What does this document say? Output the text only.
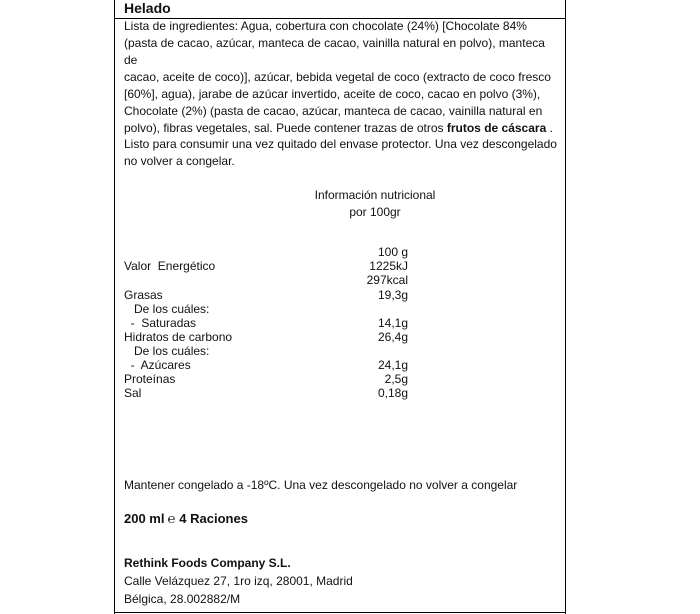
Helado
Lista de ingredientes: Agua, cobertura con chocolate (24%) [Chocolate 84%
(pasta de cacao, azúcar, manteca de cacao, vainilla natural en polvo), manteca de
cacao, aceite de coco)], azúcar, bebida vegetal de coco (extracto de coco fresco
[60%], agua), jarabe de azúcar invertido, aceite de coco, cacao en polvo (3%),
Chocolate (2%) (pasta de cacao, azúcar, manteca de cacao, vainilla natural en
polvo), fibras vegetales, sal. Puede contener trazas de otros frutos de cáscara .
Listo para consumir una vez quitado del envase protector. Una vez descongelado
no volver a congelar.
Información nutricional
por 100gr
100 g
Valor  Energético	1225kJ
297kcal
Grasas	19,3g
De los cuáles:
-  Saturadas	14,1g
Hidratos de carbono	26,4g
De los cuáles:
-  Azúcares	24,1g
Proteínas	2,5g
Sal	0,18g
Mantener congelado a -18ºC. Una vez descongelado no volver a congelar
200 ml ℮ 4 Raciones
Rethink Foods Company S.L.
Calle Velázquez 27, 1ro izq, 28001, Madrid
Bélgica, 28.002882/M
